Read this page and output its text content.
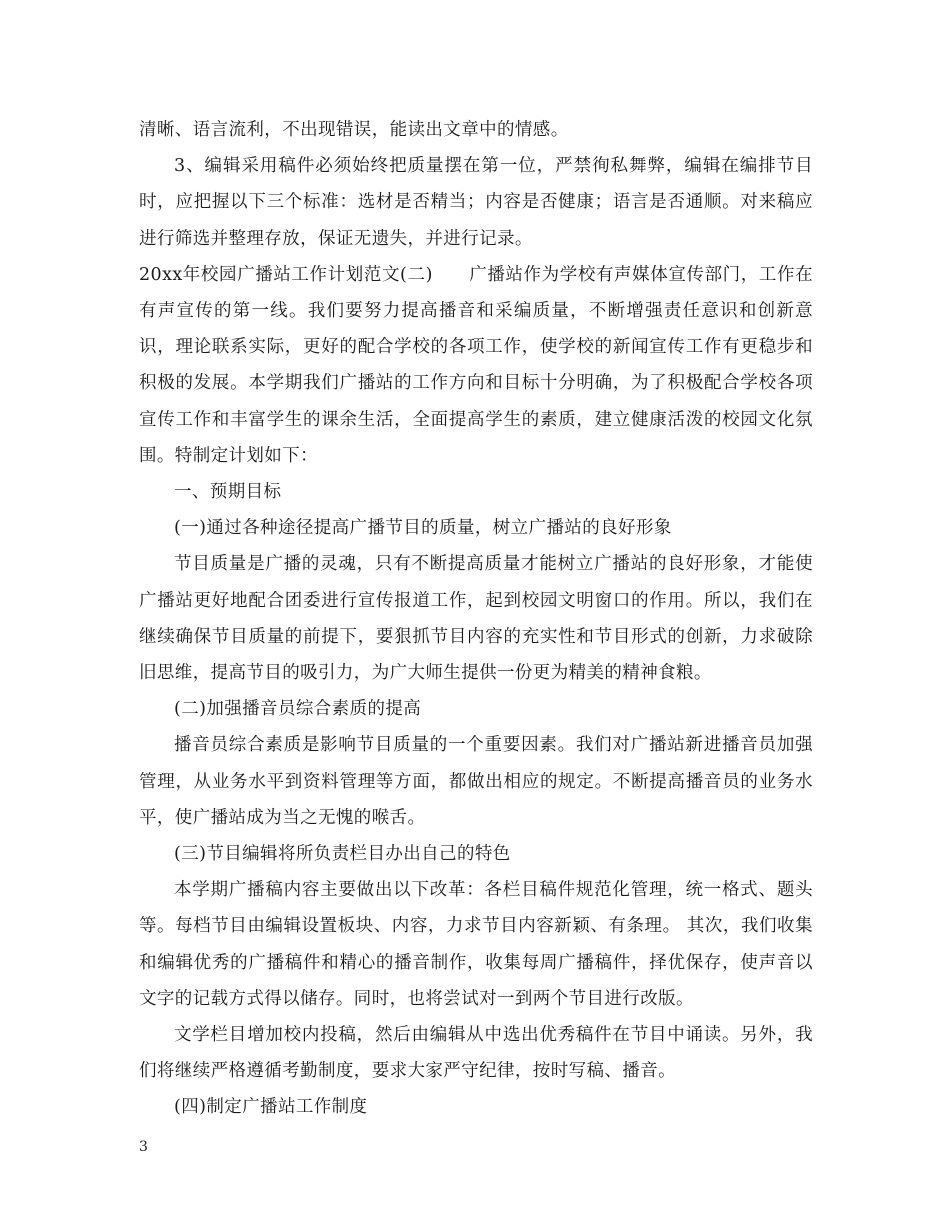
清晰、语言流利，不出现错误，能读出文章中的情感。

3、编辑采用稿件必须始终把质量摆在第一位，严禁徇私舞弊，编辑在编排节目时，应把握以下三个标准：选材是否精当；内容是否健康；语言是否通顺。对来稿应进行筛选并整理存放，保证无遗失，并进行记录。

20xx年校园广播站工作计划范文(二)　　广播站作为学校有声媒体宣传部门，工作在有声宣传的第一线。我们要努力提高播音和采编质量，不断增强责任意识和创新意识，理论联系实际，更好的配合学校的各项工作，使学校的新闻宣传工作有更稳步和积极的发展。本学期我们广播站的工作方向和目标十分明确，为了积极配合学校各项宣传工作和丰富学生的课余生活，全面提高学生的素质，建立健康活泼的校园文化氛围。特制定计划如下：

一、预期目标

(一)通过各种途径提高广播节目的质量，树立广播站的良好形象

节目质量是广播的灵魂，只有不断提高质量才能树立广播站的良好形象，才能使广播站更好地配合团委进行宣传报道工作，起到校园文明窗口的作用。所以，我们在继续确保节目质量的前提下，要狠抓节目内容的充实性和节目形式的创新，力求破除旧思维，提高节目的吸引力，为广大师生提供一份更为精美的精神食粮。

(二)加强播音员综合素质的提高

播音员综合素质是影响节目质量的一个重要因素。我们对广播站新进播音员加强管理，从业务水平到资料管理等方面，都做出相应的规定。不断提高播音员的业务水平，使广播站成为当之无愧的喉舌。

(三)节目编辑将所负责栏目办出自己的特色

本学期广播稿内容主要做出以下改革：各栏目稿件规范化管理，统一格式、题头等。每档节目由编辑设置板块、内容，力求节目内容新颖、有条理。 其次，我们收集和编辑优秀的广播稿件和精心的播音制作，收集每周广播稿件，择优保存，使声音以文字的记载方式得以储存。同时，也将尝试对一到两个节目进行改版。

文学栏目增加校内投稿，然后由编辑从中选出优秀稿件在节目中诵读。另外，我们将继续严格遵循考勤制度，要求大家严守纪律，按时写稿、播音。

(四)制定广播站工作制度

3
